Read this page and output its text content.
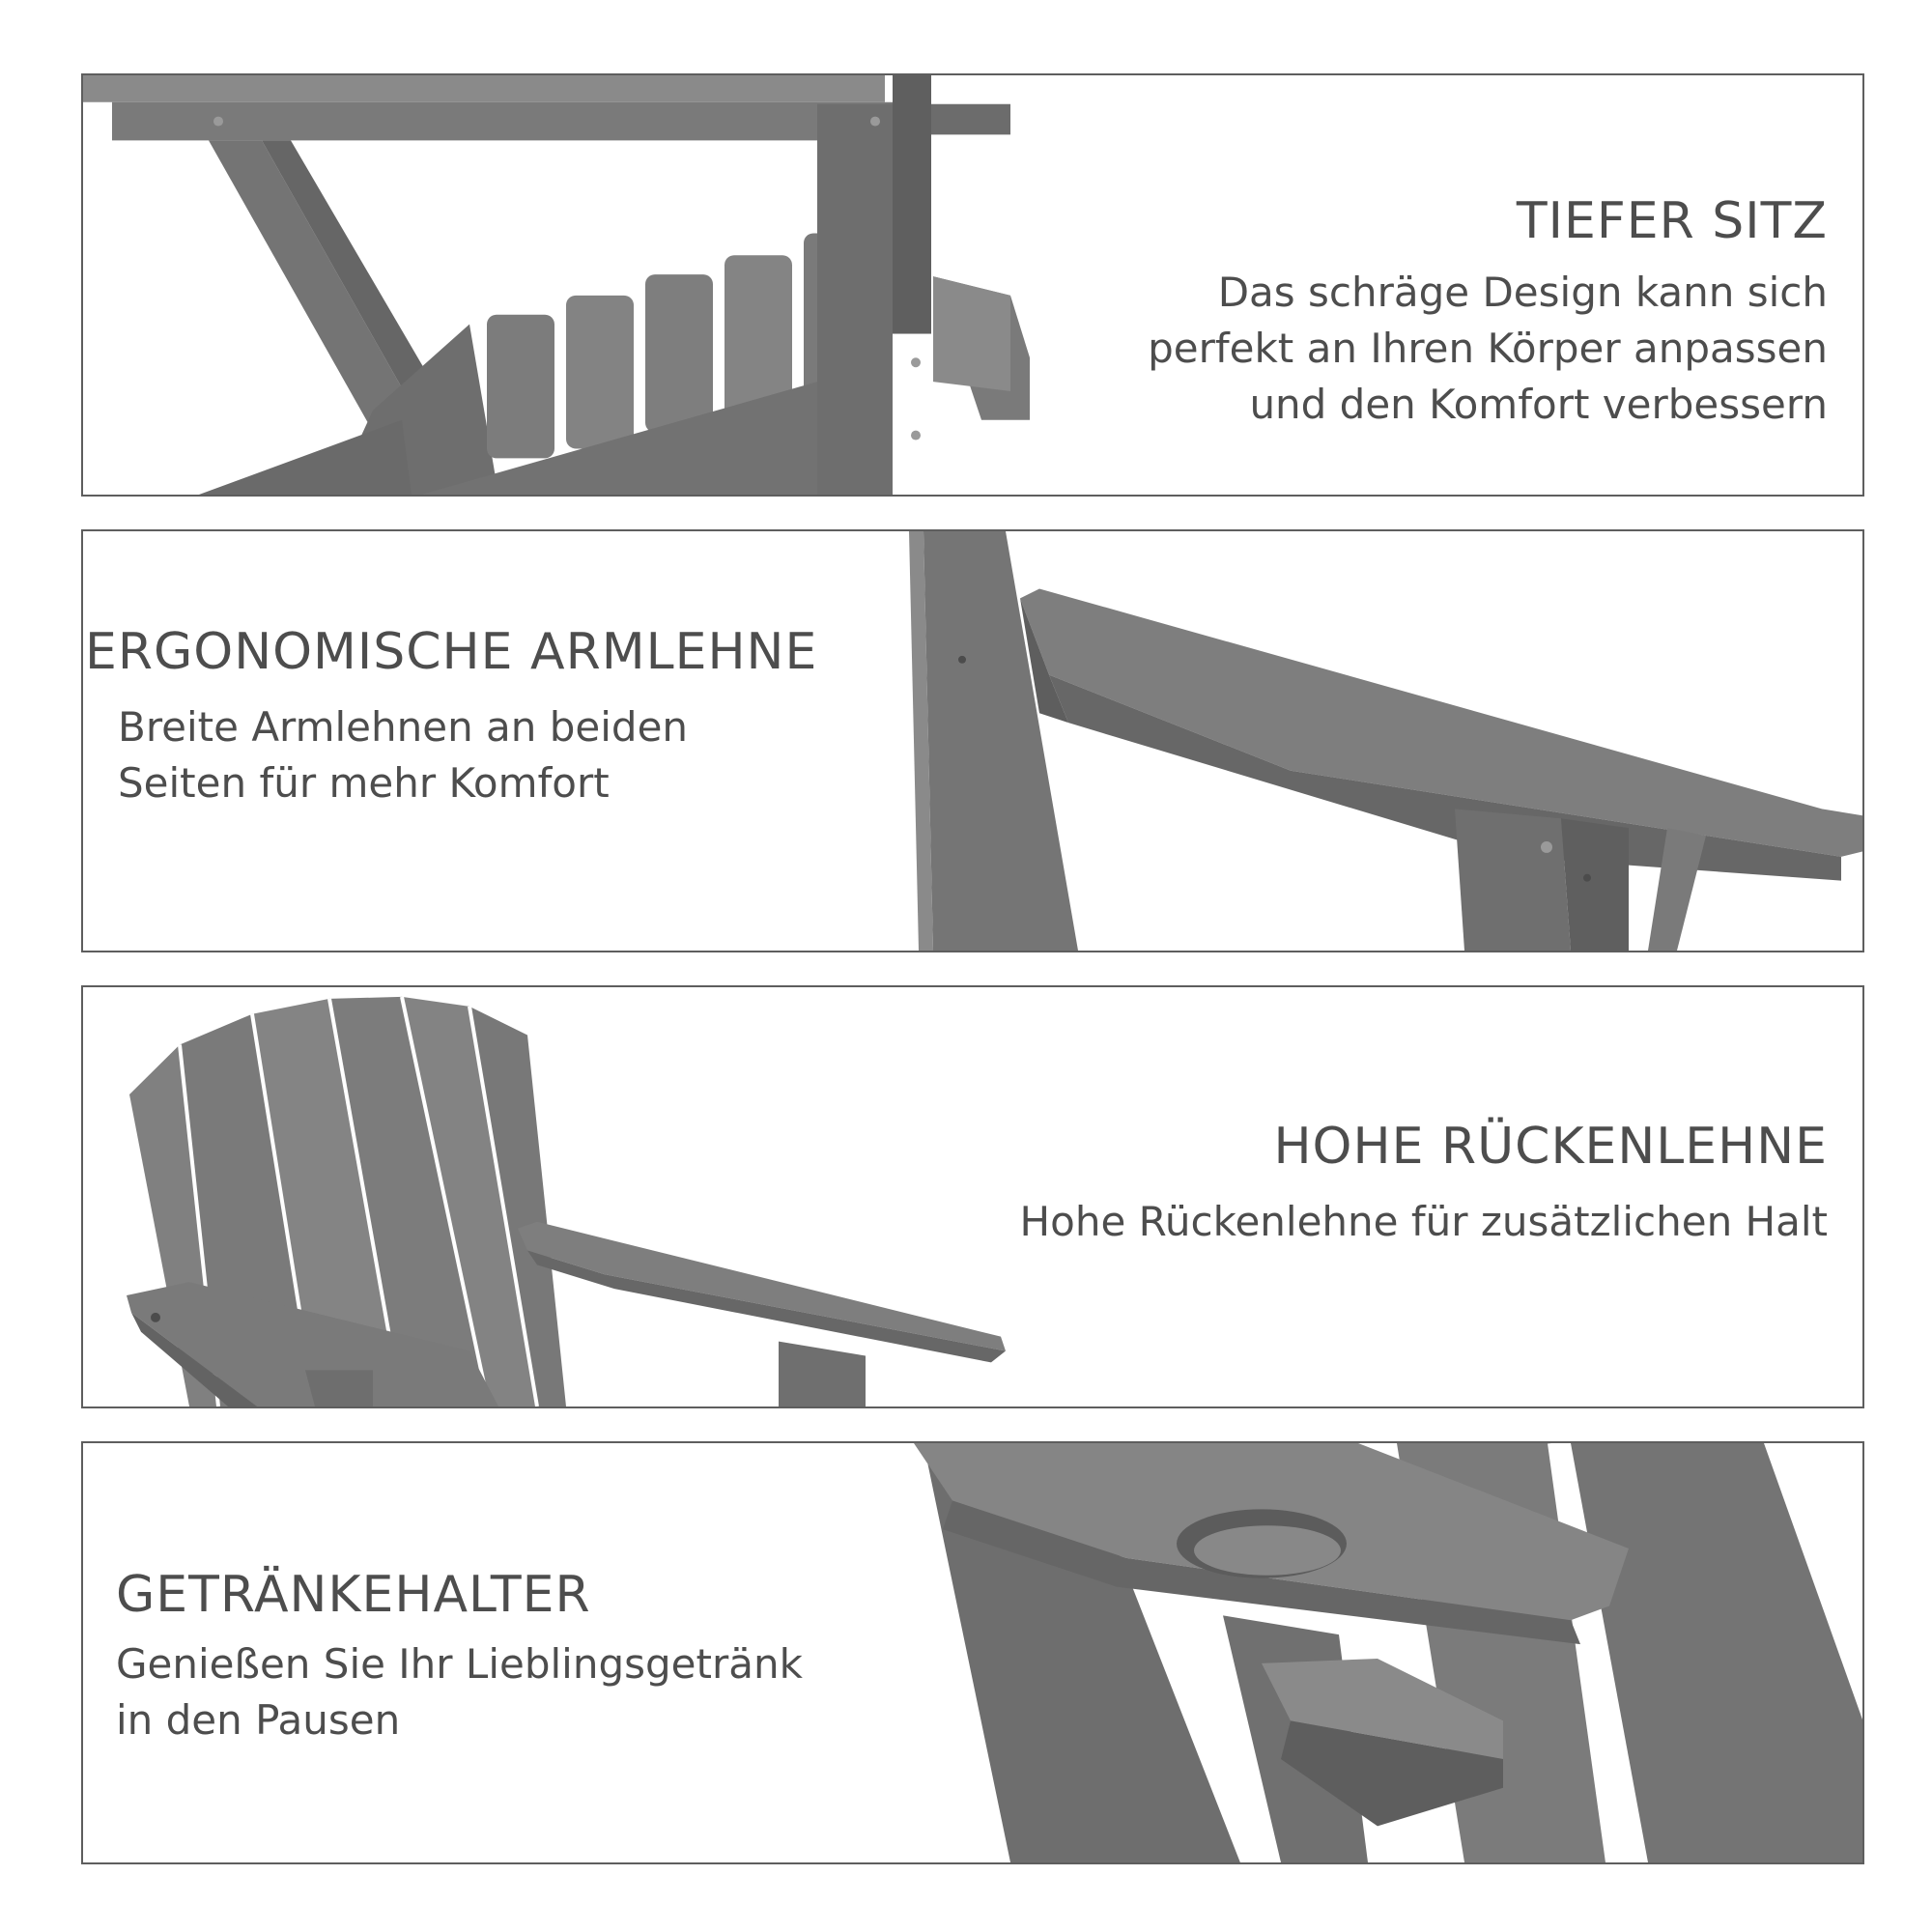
TIEFER SITZ

Das schräge Design kann sich
perfekt an Ihren Körper anpassen
und den Komfort verbessern

ERGONOMISCHE ARMLEHNE

Breite Armlehnen an beiden
Seiten für mehr Komfort

HOHE RÜCKENLEHNE

Hohe Rückenlehne für zusätzlichen Halt

GETRÄNKEHALTER

Genießen Sie Ihr Lieblingsgetränk
in den Pausen
